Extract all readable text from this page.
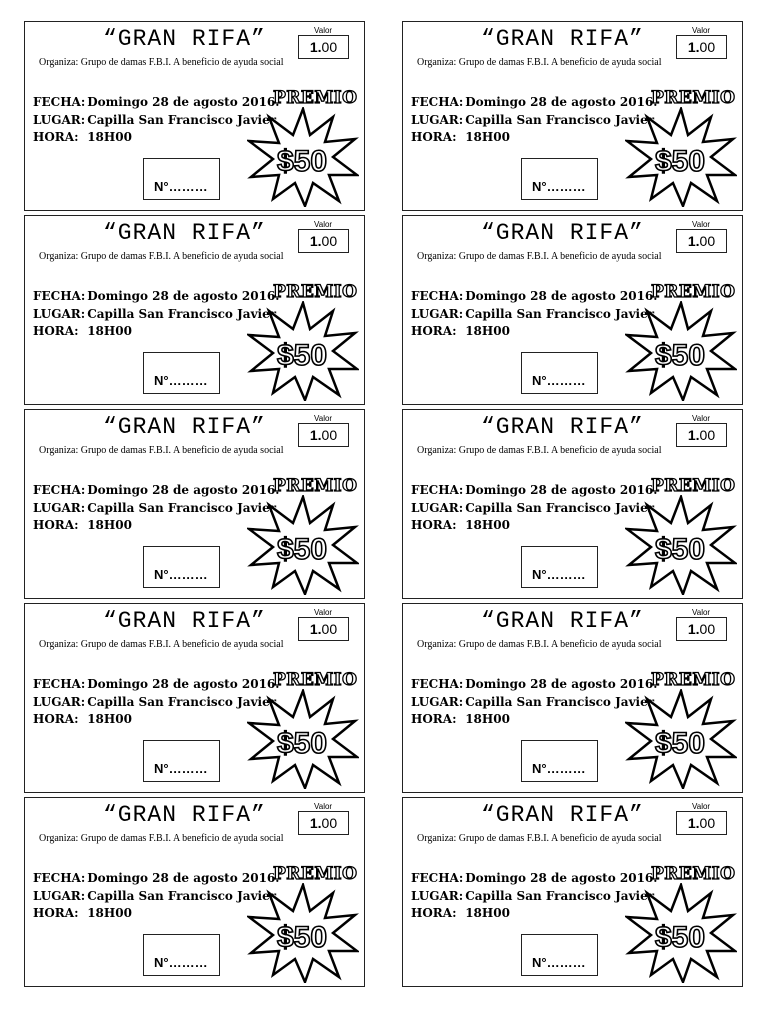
“GRAN RIFA”	Valor
1. 00
Organiza: Grupo de damas F.B.I. A beneficio de ayuda social
FECHA: Domingo 28 de agosto 2016.
LUGAR: Capilla San Francisco Javier
HORA: 18H00
PREMIO
$50
N°………
“GRAN RIFA”	Valor
1. 00
Organiza: Grupo de damas F.B.I. A beneficio de ayuda social
FECHA: Domingo 28 de agosto 2016.
LUGAR: Capilla San Francisco Javier
HORA: 18H00
PREMIO
$50
N°………
“GRAN RIFA”	Valor
1. 00
Organiza: Grupo de damas F.B.I. A beneficio de ayuda social
FECHA: Domingo 28 de agosto 2016.
LUGAR: Capilla San Francisco Javier
HORA: 18H00
PREMIO
$50
N°………
“GRAN RIFA”	Valor
1. 00
Organiza: Grupo de damas F.B.I. A beneficio de ayuda social
FECHA: Domingo 28 de agosto 2016.
LUGAR: Capilla San Francisco Javier
HORA: 18H00
PREMIO
$50
N°………
“GRAN RIFA”	Valor
1. 00
Organiza: Grupo de damas F.B.I. A beneficio de ayuda social
FECHA: Domingo 28 de agosto 2016.
LUGAR: Capilla San Francisco Javier
HORA: 18H00
PREMIO
$50
N°………
“GRAN RIFA”	Valor
1. 00
Organiza: Grupo de damas F.B.I. A beneficio de ayuda social
FECHA: Domingo 28 de agosto 2016.
LUGAR: Capilla San Francisco Javier
HORA: 18H00
PREMIO
$50
N°………
“GRAN RIFA”	Valor
1. 00
Organiza: Grupo de damas F.B.I. A beneficio de ayuda social
FECHA: Domingo 28 de agosto 2016.
LUGAR: Capilla San Francisco Javier
HORA: 18H00
PREMIO
$50
N°………
“GRAN RIFA”	Valor
1. 00
Organiza: Grupo de damas F.B.I. A beneficio de ayuda social
FECHA: Domingo 28 de agosto 2016.
LUGAR: Capilla San Francisco Javier
HORA: 18H00
PREMIO
$50
N°………
“GRAN RIFA”	Valor
1. 00
Organiza: Grupo de damas F.B.I. A beneficio de ayuda social
FECHA: Domingo 28 de agosto 2016.
LUGAR: Capilla San Francisco Javier
HORA: 18H00
PREMIO
$50
N°………
“GRAN RIFA”	Valor
1. 00
Organiza: Grupo de damas F.B.I. A beneficio de ayuda social
FECHA: Domingo 28 de agosto 2016.
LUGAR: Capilla San Francisco Javier
HORA: 18H00
PREMIO
$50
N°………
